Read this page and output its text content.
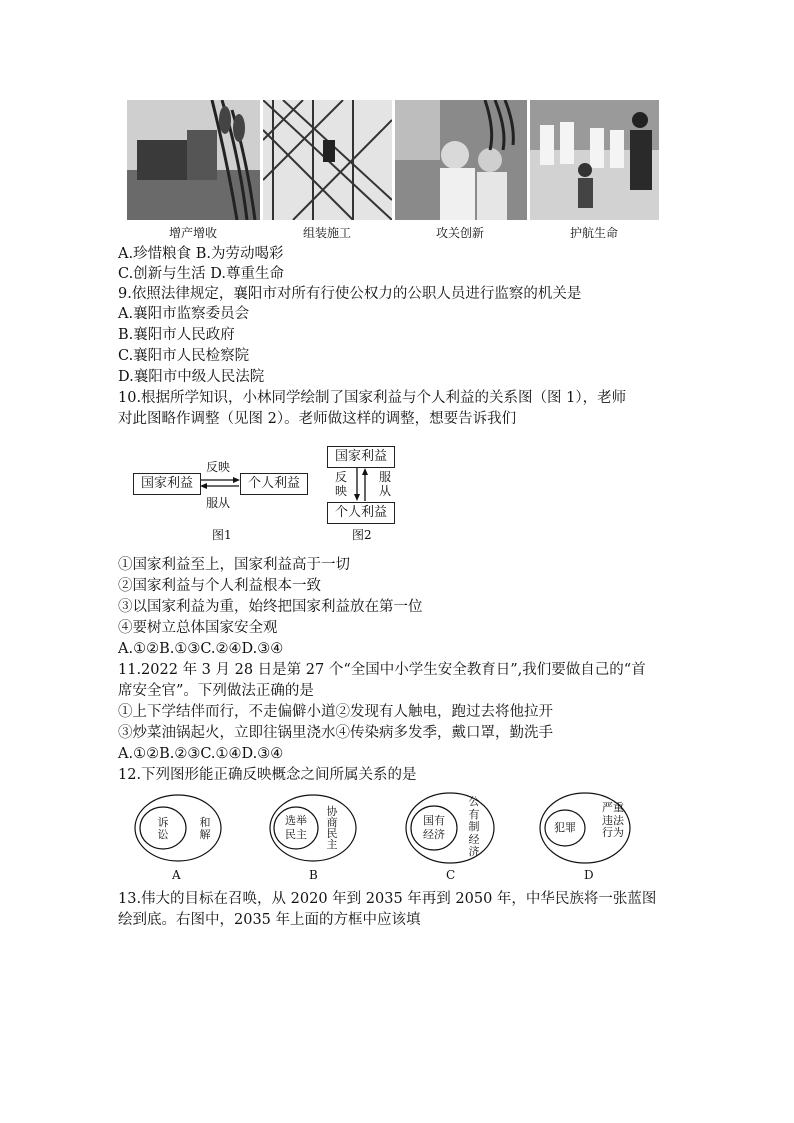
增产增收	组装施工	攻关创新	护航生命
A.珍惜粮食 B.为劳动喝彩
C.创新与生活 D.尊重生命
9.依照法律规定，襄阳市对所有行使公权力的公职人员进行监察的机关是
A.襄阳市监察委员会
B.襄阳市人民政府
C.襄阳市人民检察院
D.襄阳市中级人民法院
10.根据所学知识，小林同学绘制了国家利益与个人利益的关系图（图 1），老师
对此图略作调整（见图 2）。老师做这样的调整，想要告诉我们
国家利益	个人利益
反映
服从
图1
国家利益
个人利益
反映
服从
图2
①国家利益至上，国家利益高于一切
②国家利益与个人利益根本一致
③以国家利益为重，始终把国家利益放在第一位
④要树立总体国家安全观
A.①②B.①③C.②④D.③④
11.2022 年 3 月 28 日是第 27 个“全国中小学生安全教育日”,我们要做自己的“首
席安全官”。下列做法正确的是
①上下学结伴而行，不走偏僻小道②发现有人触电，跑过去将他拉开
③炒菜油锅起火，立即往锅里浇水④传染病多发季，戴口罩，勤洗手
A.①②B.②③C.①④D.③④
12.下列图形能正确反映概念之间所属关系的是
诉讼
和解
A
选举民主
协商民主
B
国有经济
公有制经济
C
犯罪
严重违法行为
D
13.伟大的目标在召唤，从 2020 年到 2035 年再到 2050 年，中华民族将一张蓝图
绘到底。右图中，2035 年上面的方框中应该填
